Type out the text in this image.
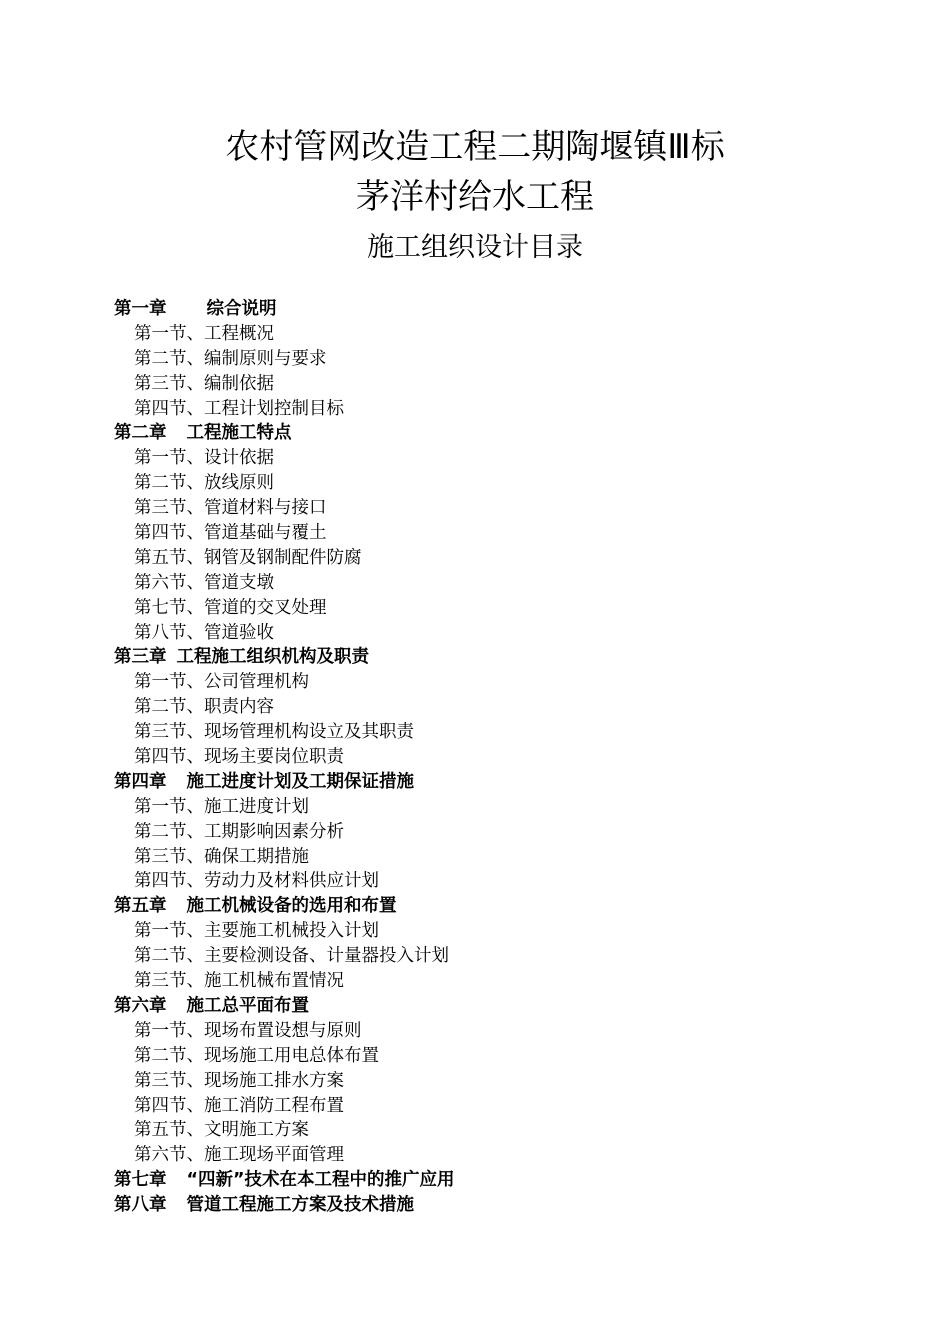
农村管网改造工程二期陶堰镇Ⅲ标
茅洋村给水工程
施工组织设计目录
第一章 综合说明
第一节、工程概况
第二节、编制原则与要求
第三节、编制依据
第四节、工程计划控制目标
第二章 工程施工特点
第一节、设计依据
第二节、放线原则
第三节、管道材料与接口
第四节、管道基础与覆土
第五节、钢管及钢制配件防腐
第六节、管道支墩
第七节、管道的交叉处理
第八节、管道验收
第三章 工程施工组织机构及职责
第一节、公司管理机构
第二节、职责内容
第三节、现场管理机构设立及其职责
第四节、现场主要岗位职责
第四章 施工进度计划及工期保证措施
第一节、施工进度计划
第二节、工期影响因素分析
第三节、确保工期措施
第四节、劳动力及材料供应计划
第五章 施工机械设备的选用和布置
第一节、主要施工机械投入计划
第二节、主要检测设备、计量器投入计划
第三节、施工机械布置情况
第六章 施工总平面布置
第一节、现场布置设想与原则
第二节、现场施工用电总体布置
第三节、现场施工排水方案
第四节、施工消防工程布置
第五节、文明施工方案
第六节、施工现场平面管理
第七章 “四新”技术在本工程中的推广应用
第八章 管道工程施工方案及技术措施
